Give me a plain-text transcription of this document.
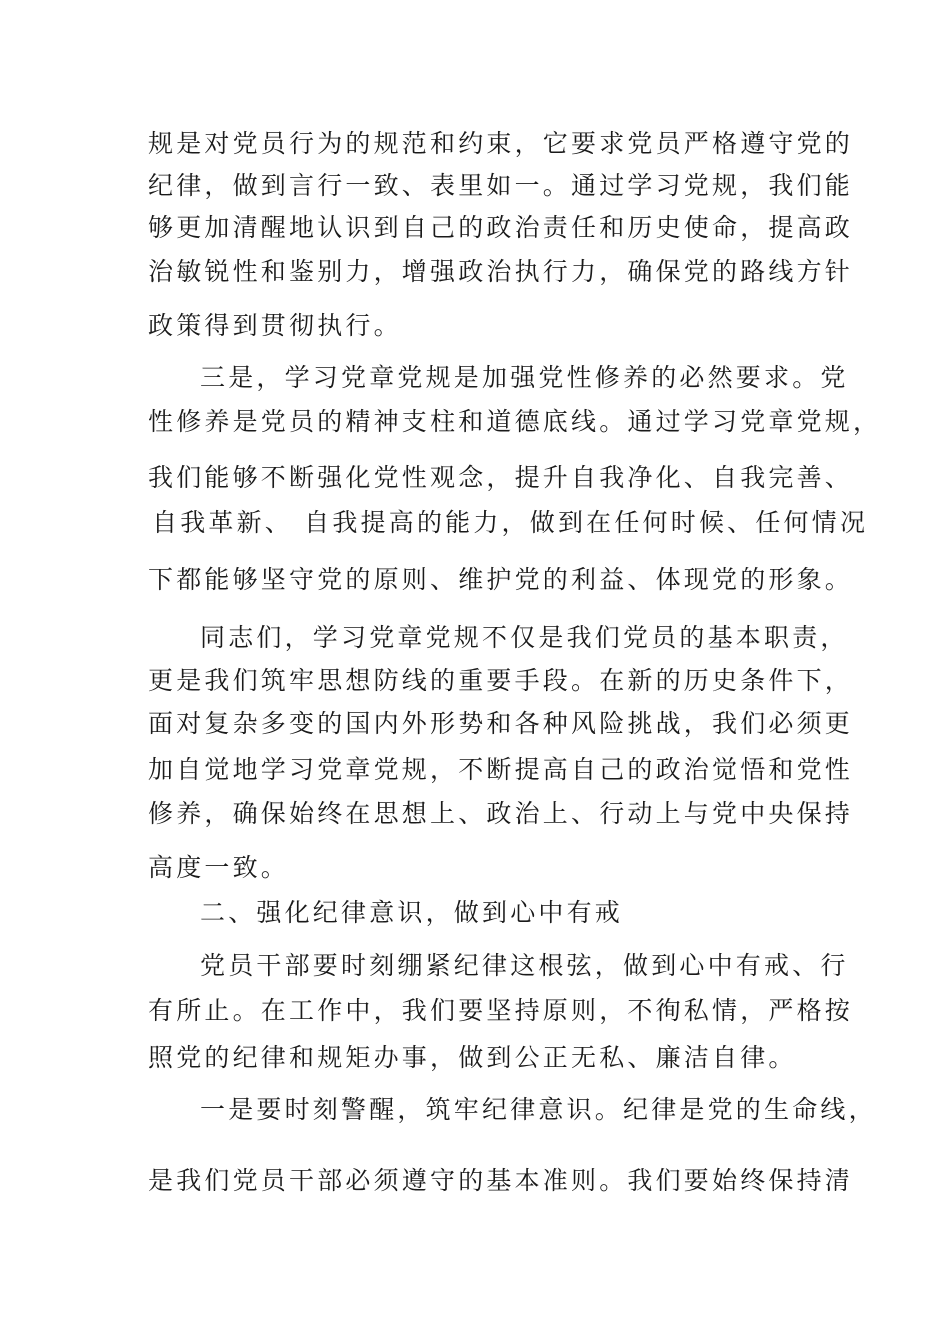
规是对党员行为的规范和约束，它要求党员严格遵守党的
纪律，做到言行一致、表里如一。通过学习党规，我们能
够更加清醒地认识到自己的政治责任和历史使命，提高政
治敏锐性和鉴别力，增强政治执行力，确保党的路线方针
政策得到贯彻执行。
三是，学习党章党规是加强党性修养的必然要求。党
性修养是党员的精神支柱和道德底线。通过学习党章党规，
我们能够不断强化党性观念，提升自我净化、自我完善、
自我革新、 自我提高的能力，做到在任何时候、任何情况
下都能够坚守党的原则、维护党的利益、体现党的形象。
同志们，学习党章党规不仅是我们党员的基本职责，
更是我们筑牢思想防线的重要手段。在新的历史条件下，
面对复杂多变的国内外形势和各种风险挑战，我们必须更
加自觉地学习党章党规，不断提高自己的政治觉悟和党性
修养，确保始终在思想上、政治上、行动上与党中央保持
高度一致。
二、强化纪律意识，做到心中有戒
党员干部要时刻绷紧纪律这根弦，做到心中有戒、行
有所止。在工作中，我们要坚持原则，不徇私情，严格按
照党的纪律和规矩办事，做到公正无私、廉洁自律。
一是要时刻警醒，筑牢纪律意识。纪律是党的生命线，
是我们党员干部必须遵守的基本准则。我们要始终保持清
